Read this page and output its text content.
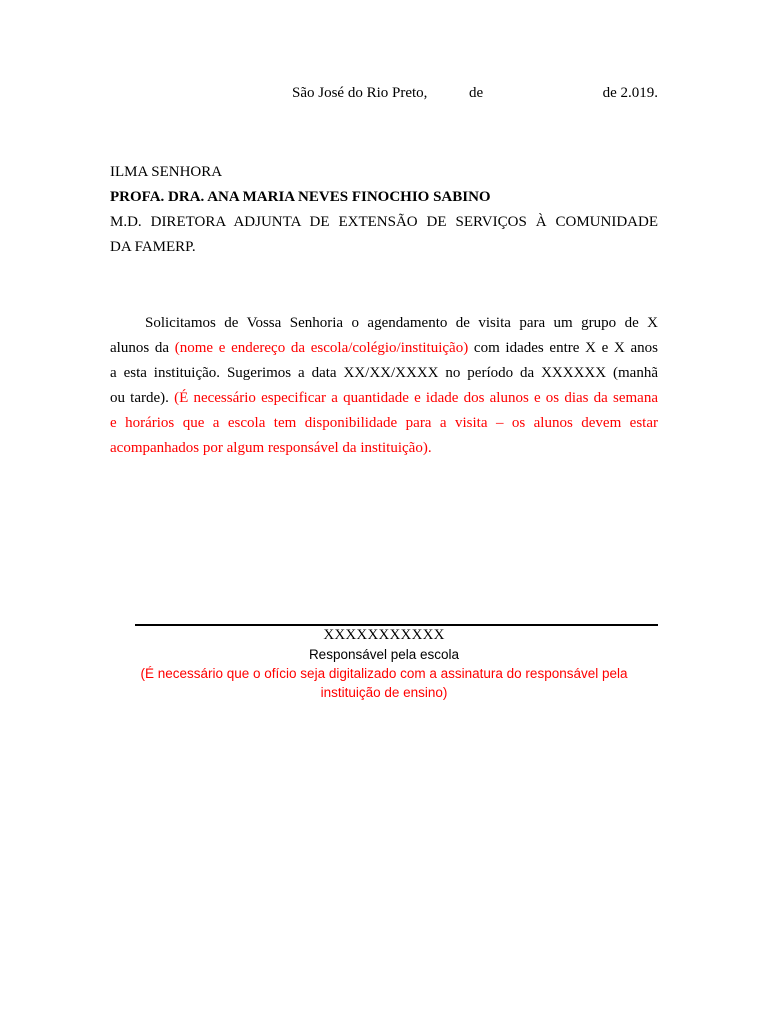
São José do Rio Preto,	de	de 2.019.
ILMA SENHORA
PROFA. DRA. ANA MARIA NEVES FINOCHIO SABINO
M.D. DIRETORA ADJUNTA DE EXTENSÃO DE SERVIÇOS À COMUNIDADE
DA FAMERP.
Solicitamos de Vossa Senhoria o agendamento de visita para um grupo de X
alunos da (nome e endereço da escola/colégio/instituição) com idades entre X e X anos
a esta instituição. Sugerimos a data XX/XX/XXXX no período da XXXXXX (manhã
ou tarde). (É necessário especificar a quantidade e idade dos alunos e os dias da semana
e horários que a escola tem disponibilidade para a visita – os alunos devem estar
acompanhados por algum responsável da instituição).
XXXXXXXXXXX
Responsável pela escola
(É necessário que o ofício seja digitalizado com a assinatura do responsável pela
instituição de ensino)
